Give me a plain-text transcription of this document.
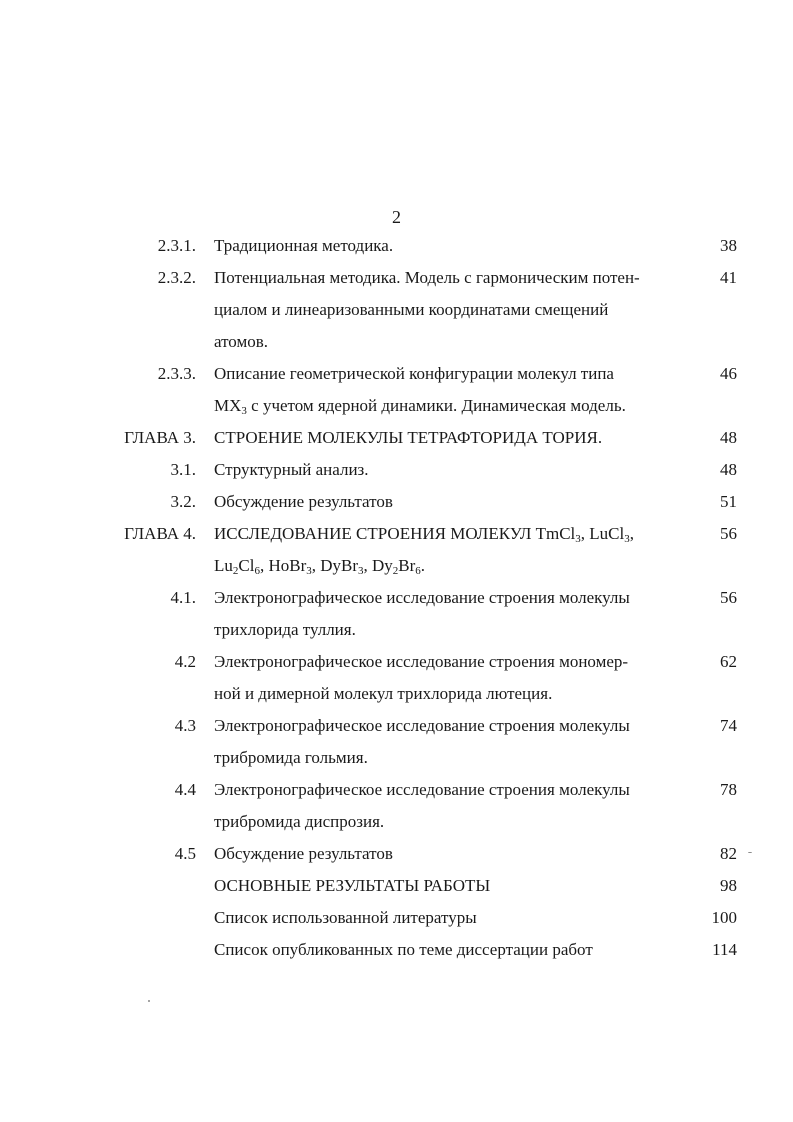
2
2.3.1. Традиционная методика.	38
2.3.2. Потенциальная методика. Модель с гармоническим потен-	41
циалом и линеаризованными координатами смещений
атомов.
2.3.3. Описание геометрической конфигурации молекул типа	46
$MX_3$ с учетом ядерной динамики. Динамическая модель.
ГЛАВА 3. СТРОЕНИЕ МОЛЕКУЛЫ ТЕТРАФТОРИДА ТОРИЯ.	48
3.1. Структурный анализ.	48
3.2. Обсуждение результатов	51
ГЛАВА 4. ИССЛЕДОВАНИЕ СТРОЕНИЯ МОЛЕКУЛ TmCl$_3$, LuCl$_3$,	56
$Lu_2Cl_6$, HoBr$_3$, DyBr$_3$, $Dy_2Br_6$.
4.1. Электронографическое исследование строения молекулы	56
трихлорида туллия.
4.2 Электронографическое исследование строения мономер-	62
ной и димерной молекул трихлорида лютеция.
4.3 Электронографическое исследование строения молекулы	74
трибромида гольмия.
4.4 Электронографическое исследование строения молекулы	78
трибромида диспрозия.
4.5 Обсуждение результатов	82
ОСНОВНЫЕ РЕЗУЛЬТАТЫ РАБОТЫ	98
Список использованной литературы	100
Список опубликованных по теме диссертации работ	114
